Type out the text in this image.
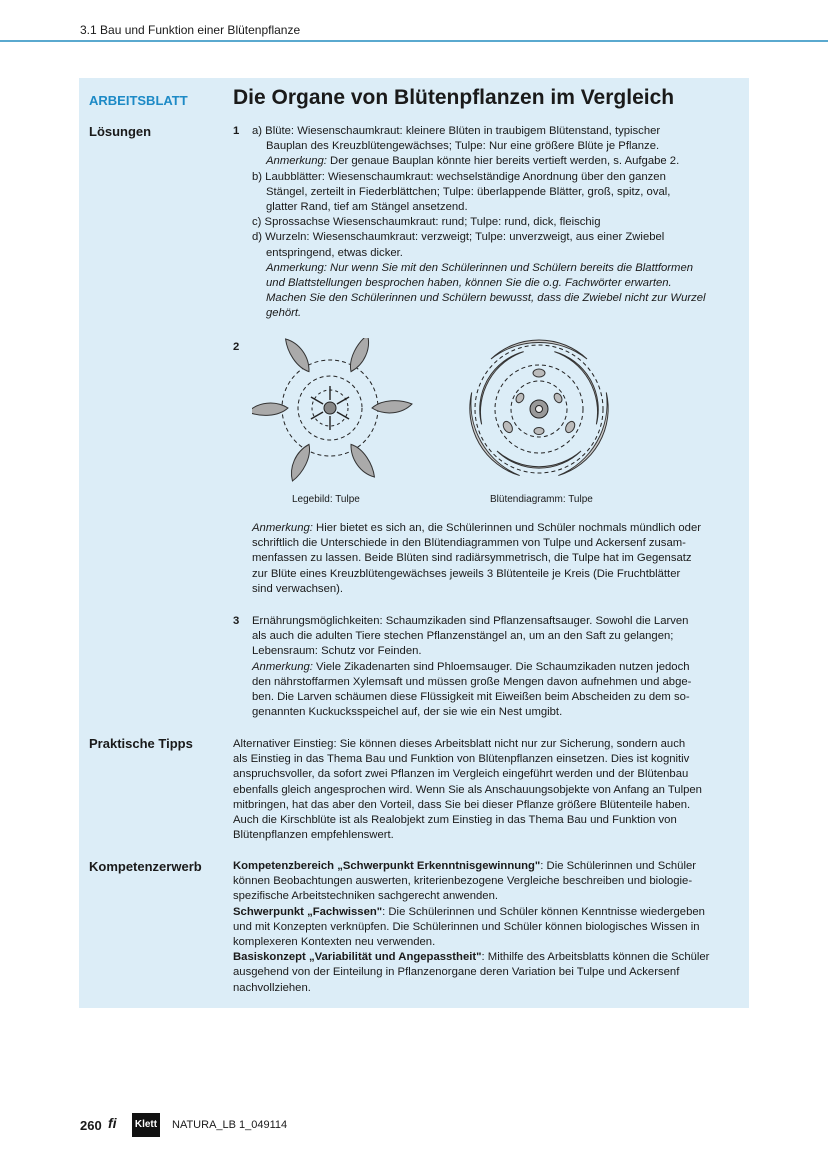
3.1 Bau und Funktion einer Blütenpflanze
ARBEITSBLATT Die Organe von Blütenpflanzen im Vergleich
Lösungen	1 a) Blüte: Wiesenschaumkraut: kleinere Blüten in traubigem Blütenstand, typischer

Bauplan des Kreuzblütengewächses; Tulpe: Nur eine größere Blüte je Pflanze.

Anmerkung: Der genaue Bauplan könnte hier bereits vertieft werden, s. Aufgabe 2.

b) Laubblätter: Wiesenschaumkraut: wechselständige Anordnung über den ganzen

Stängel, zerteilt in Fiederblättchen; Tulpe: überlappende Blätter, groß, spitz, oval,

glatter Rand, tief am Stängel ansetzend.

c) Sprossachse Wiesenschaumkraut: rund; Tulpe: rund, dick, fleischig

d) Wurzeln: Wiesenschaumkraut: verzweigt; Tulpe: unverzweigt, aus einer Zwiebel

entspringend, etwas dicker.

Anmerkung: Nur wenn Sie mit den Schülerinnen und Schülern bereits die Blattformen

und Blattstellungen besprochen haben, können Sie die o.g. Fachwörter erwarten.

Machen Sie den Schülerinnen und Schülern bewusst, dass die Zwiebel nicht zur Wurzel

gehört.

2
Legebild: Tulpe	Blütendiagramm: Tulpe

Anmerkung: Hier bietet es sich an, die Schülerinnen und Schüler nochmals mündlich oder

schriftlich die Unterschiede in den Blütendiagrammen von Tulpe und Ackersenf zusam-

menfassen zu lassen. Beide Blüten sind radiärsymmetrisch, die Tulpe hat im Gegensatz

zur Blüte eines Kreuzblütengewächses jeweils 3 Blütenteile je Kreis (Die Fruchtblätter

sind verwachsen).

3 Ernährungsmöglichkeiten: Schaumzikaden sind Pflanzensaftsauger. Sowohl die Larven

als auch die adulten Tiere stechen Pflanzenstängel an, um an den Saft zu gelangen;

Lebensraum: Schutz vor Feinden.

Anmerkung: Viele Zikadenarten sind Phloemsauger. Die Schaumzikaden nutzen jedoch

den nährstoffarmen Xylemsaft und müssen große Mengen davon aufnehmen und abge-

ben. Die Larven schäumen diese Flüssigkeit mit Eiweißen beim Abscheiden zu dem so-

genannten Kuckucksspeichel auf, der sie wie ein Nest umgibt.

Praktische Tipps	Alternativer Einstieg: Sie können dieses Arbeitsblatt nicht nur zur Sicherung, sondern auch

als Einstieg in das Thema Bau und Funktion von Blütenpflanzen einsetzen. Dies ist kognitiv

anspruchsvoller, da sofort zwei Pflanzen im Vergleich eingeführt werden und der Blütenbau

ebenfalls gleich angesprochen wird. Wenn Sie als Anschauungsobjekte von Anfang an Tulpen

mitbringen, hat das aber den Vorteil, dass Sie bei dieser Pflanze größere Blütenteile haben.

Auch die Kirschblüte ist als Realobjekt zum Einstieg in das Thema Bau und Funktion von

Blütenpflanzen empfehlenswert.

Kompetenzerwerb	Kompetenzbereich „Schwerpunkt Erkenntnisgewinnung": Die Schülerinnen und Schüler

können Beobachtungen auswerten, kriterienbezogene Vergleiche beschreiben und biologie-

spezifische Arbeitstechniken sachgerecht anwenden.

Schwerpunkt „Fachwissen": Die Schülerinnen und Schüler können Kenntnisse wiedergeben

und mit Konzepten verknüpfen. Die Schülerinnen und Schüler können biologisches Wissen in

komplexeren Kontexten neu verwenden.

Basiskonzept „Variabilität und Angepasstheit": Mithilfe des Arbeitsblatts können die Schüler

ausgehend von der Einteilung in Pflanzenorgane deren Variation bei Tulpe und Ackersenf

nachvollziehen.

260 ﬁ Klett NATURA_LB 1_049114
